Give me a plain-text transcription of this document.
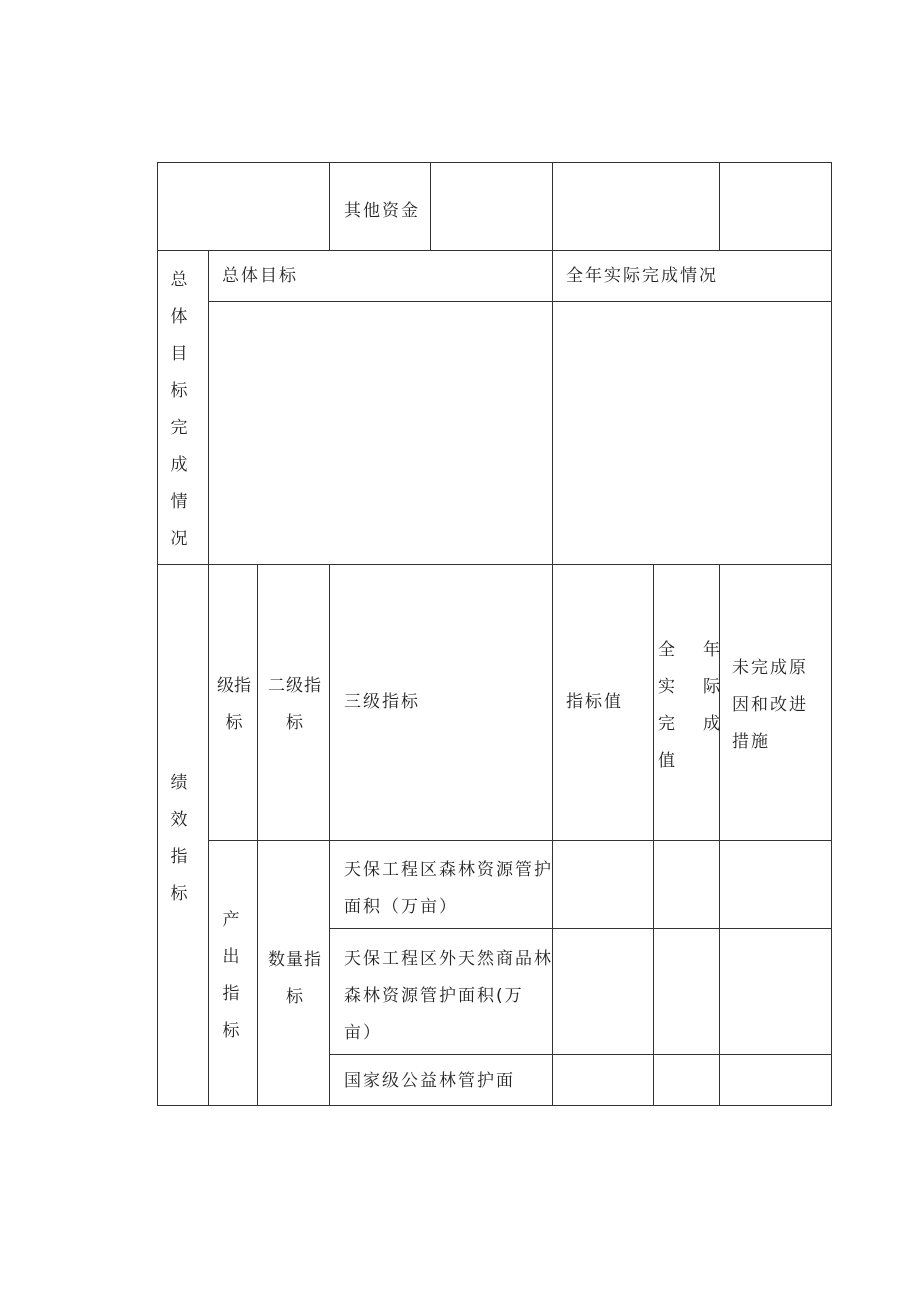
其他资金
总
体
目
标
完
成
情
况
总体目标	全年实际完成情况
绩
效
指
标
级指标
二级指标
三级指标	指标值
全 年
实 际
完 成
值
未完成原因和改进措施
产
出
指
标
数量指标
天保工程区森林资源管护面积（万亩）
天保工程区外天然商品林森林资源管护面积(万亩）
国家级公益林管护面
